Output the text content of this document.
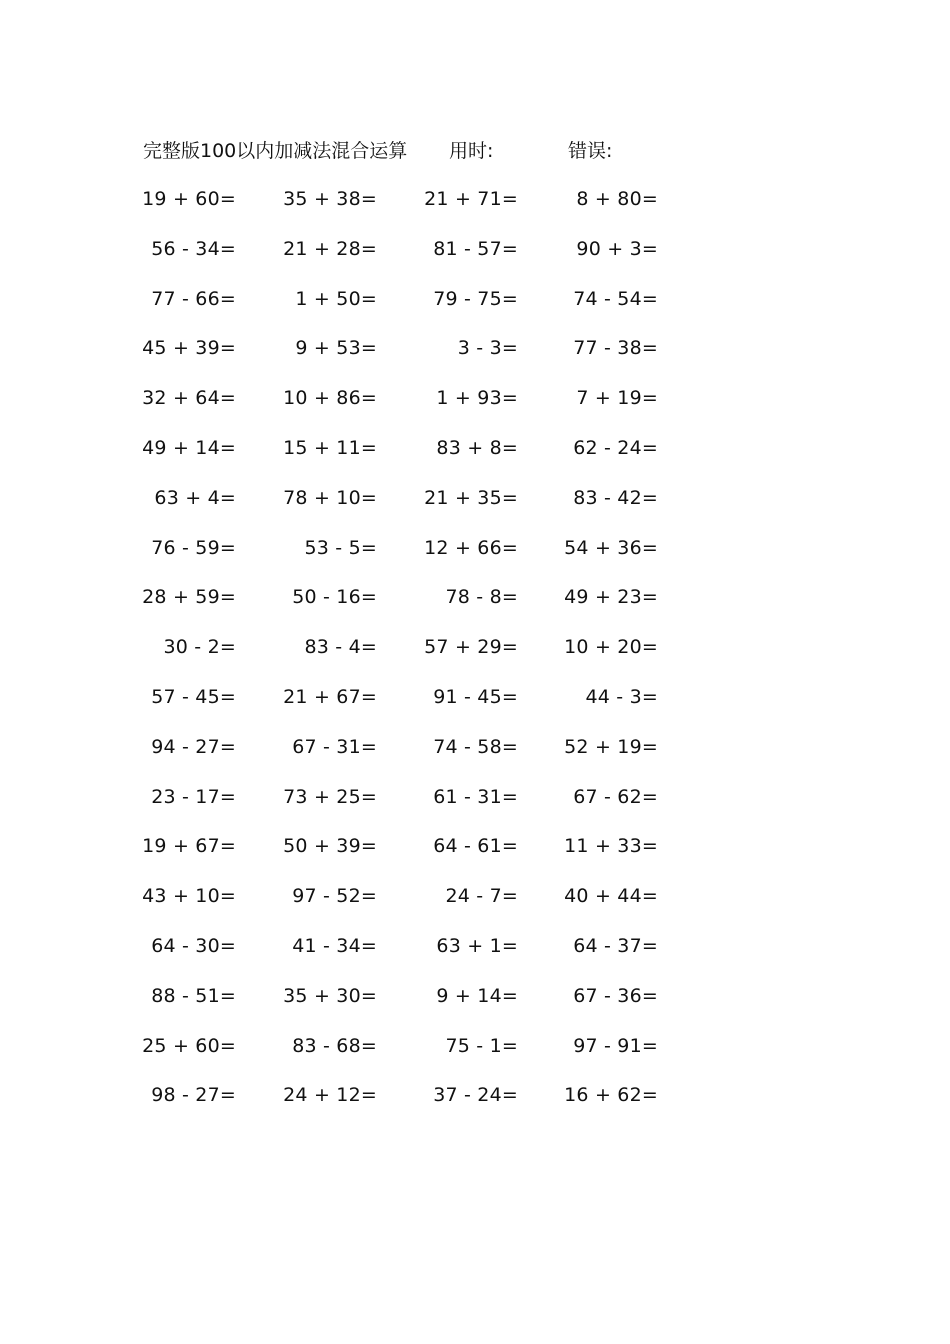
完整版100以内加减法混合运算 用时:	错误:
19 + 60= 35 + 38= 21 + 71=	8 + 80=
56 - 34= 21 + 28=	81 - 57=	90 + 3=
77 - 66=	1 + 50=	79 - 75=	74 - 54=
45 + 39=	9 + 53=	3 - 3=	77 - 38=
32 + 64= 10 + 86=	1 + 93=	7 + 19=
49 + 14= 15 + 11=	83 + 8=	62 - 24=
63 + 4= 78 + 10= 21 + 35=	83 - 42=
76 - 59=	53 - 5= 12 + 66= 54 + 36=
28 + 59=	50 - 16=	78 - 8= 49 + 23=
30 - 2=	83 - 4= 57 + 29= 10 + 20=
57 - 45= 21 + 67=	91 - 45=	44 - 3=
94 - 27=	67 - 31=	74 - 58= 52 + 19=
23 - 17= 73 + 25=	61 - 31=	67 - 62=
19 + 67= 50 + 39=	64 - 61= 11 + 33=
43 + 10=	97 - 52=	24 - 7= 40 + 44=
64 - 30=	41 - 34=	63 + 1=	64 - 37=
88 - 51= 35 + 30=	9 + 14=	67 - 36=
25 + 60=	83 - 68=	75 - 1=	97 - 91=
98 - 27= 24 + 12=	37 - 24= 16 + 62=
